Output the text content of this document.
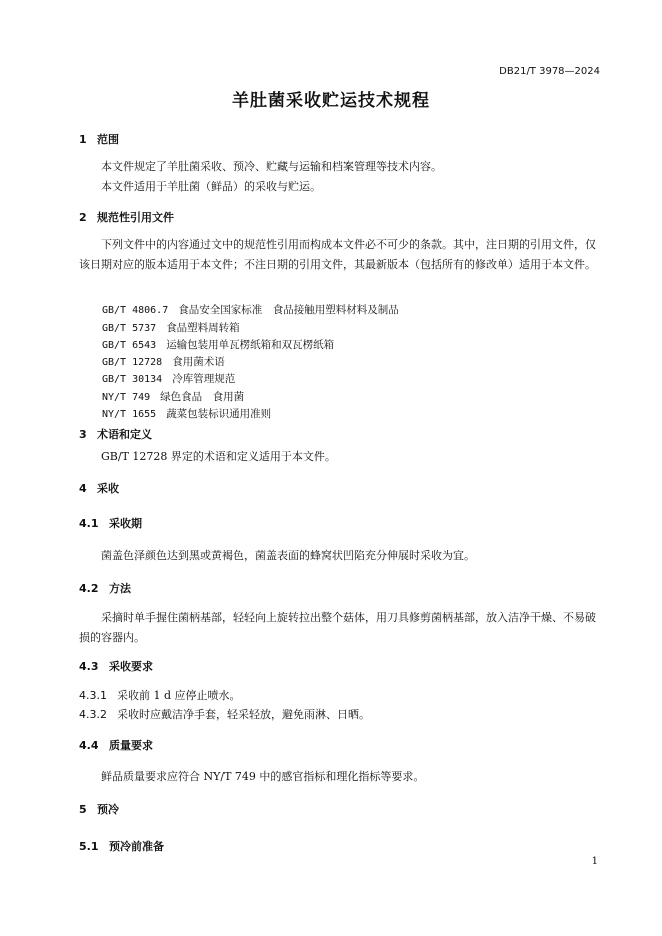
DB21/T 3978—2024
羊肚菌采收贮运技术规程
1 范围
本文件规定了羊肚菌采收、预冷、贮藏与运输和档案管理等技术内容。
本文件适用于羊肚菌（鲜品）的采收与贮运。
2 规范性引用文件
下列文件中的内容通过文中的规范性引用而构成本文件必不可少的条款。其中，注日期的引用文件，仅该日期对应的版本适用于本文件；不注日期的引用文件，其最新版本（包括所有的修改单）适用于本文件。
GB/T 4806.7 食品安全国家标准　食品接触用塑料材料及制品
GB/T 5737 食品塑料周转箱
GB/T 6543 运输包装用单瓦楞纸箱和双瓦楞纸箱
GB/T 12728 食用菌术语
GB/T 30134 冷库管理规范
NY/T 749 绿色食品　食用菌
NY/T 1655 蔬菜包装标识通用准则
3 术语和定义
GB/T 12728 界定的术语和定义适用于本文件。
4 采收
4.1 采收期
菌盖色泽颜色达到黑或黄褐色，菌盖表面的蜂窝状凹陷充分伸展时采收为宜。
4.2 方法
采摘时单手握住菌柄基部，轻轻向上旋转拉出整个菇体，用刀具修剪菌柄基部，放入洁净干燥、不易破损的容器内。
4.3 采收要求
4.3.1 采收前 1 d 应停止喷水。
4.3.2 采收时应戴洁净手套，轻采轻放，避免雨淋、日晒。
4.4 质量要求
鲜品质量要求应符合 NY/T 749 中的感官指标和理化指标等要求。
5 预冷
5.1 预冷前准备
1
